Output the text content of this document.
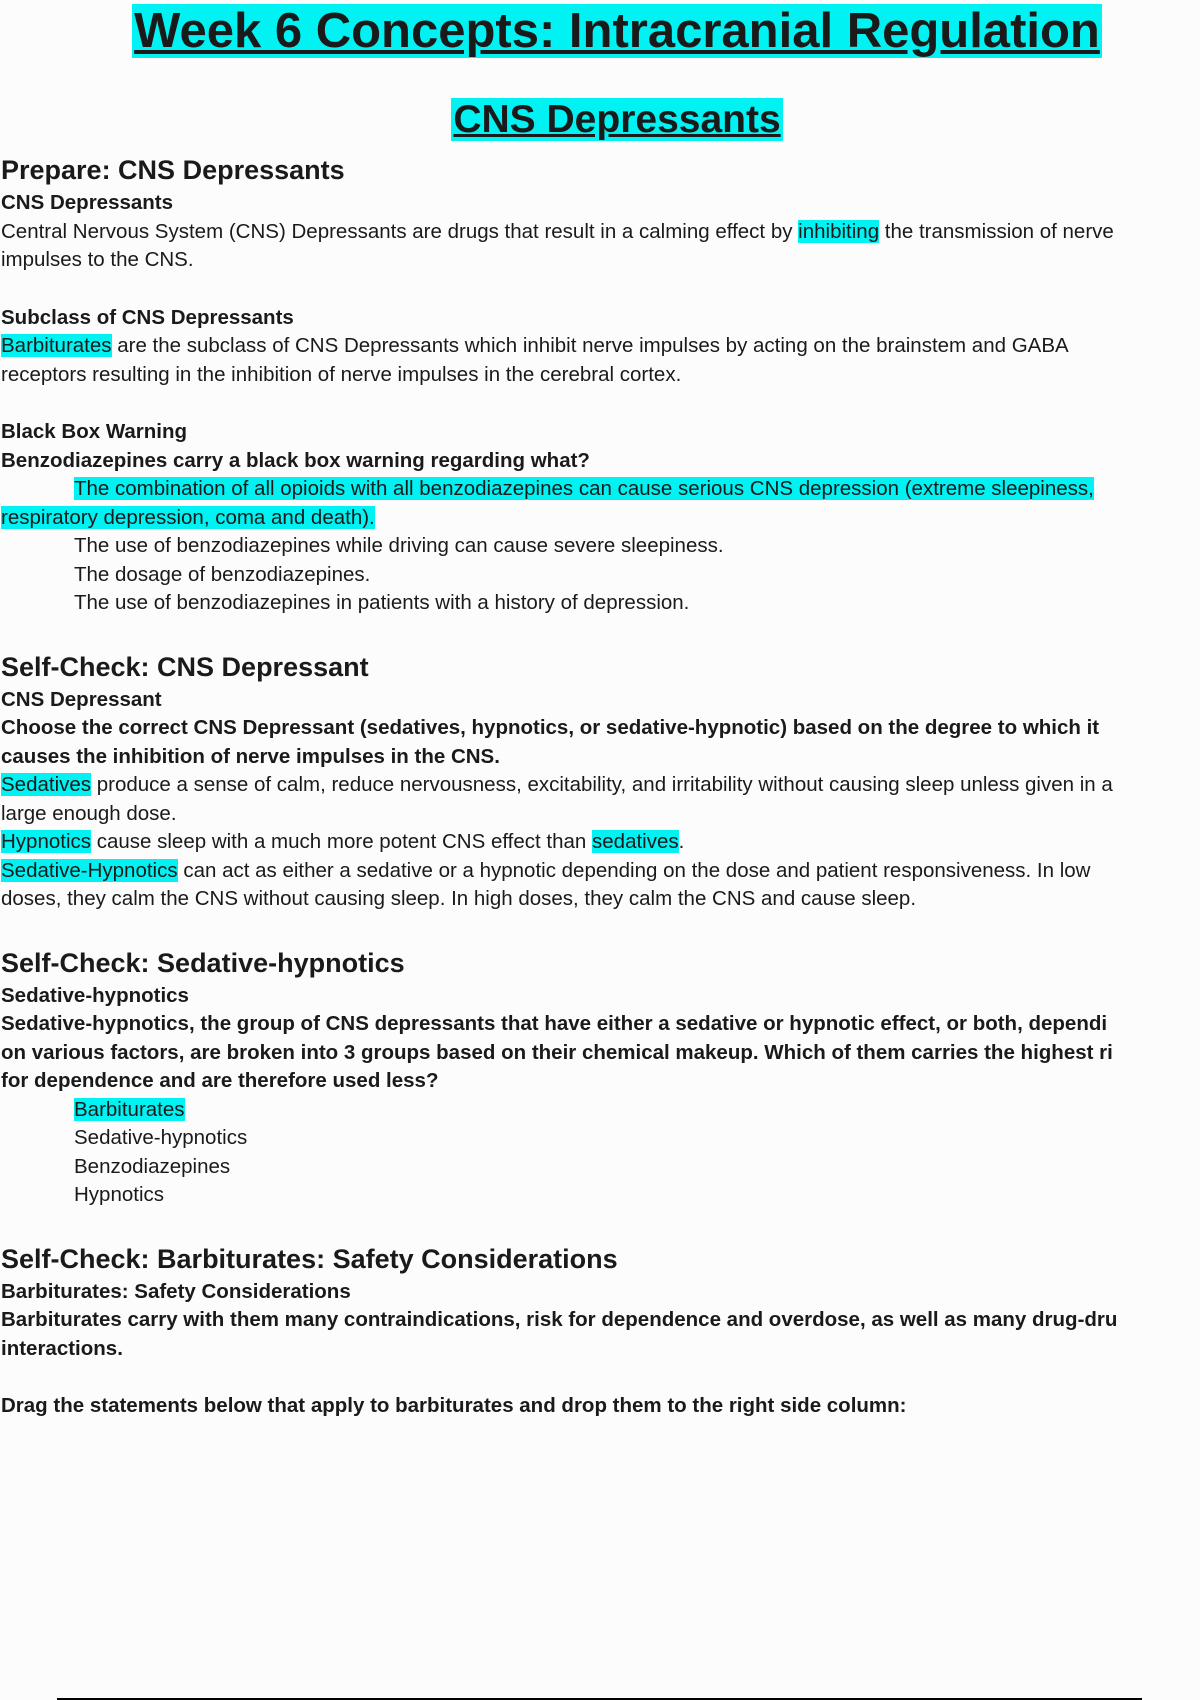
Week 6 Concepts: Intracranial Regulation
CNS Depressants

Prepare: CNS Depressants

CNS Depressants

Central Nervous System (CNS) Depressants are drugs that result in a calming effect by inhibiting the transmission of nerve

impulses to the CNS.

Subclass of CNS Depressants

Barbiturates are the subclass of CNS Depressants which inhibit nerve impulses by acting on the brainstem and GABA

receptors resulting in the inhibition of nerve impulses in the cerebral cortex.

Black Box Warning

Benzodiazepines carry a black box warning regarding what?

The combination of all opioids with all benzodiazepines can cause serious CNS depression (extreme sleepiness,

respiratory depression, coma and death).

The use of benzodiazepines while driving can cause severe sleepiness.

The dosage of benzodiazepines.

The use of benzodiazepines in patients with a history of depression.

Self-Check: CNS Depressant

CNS Depressant

Choose the correct CNS Depressant (sedatives, hypnotics, or sedative-hypnotic) based on the degree to which it

causes the inhibition of nerve impulses in the CNS.

Sedatives produce a sense of calm, reduce nervousness, excitability, and irritability without causing sleep unless given in a

large enough dose.

Hypnotics cause sleep with a much more potent CNS effect than sedatives.

Sedative-Hypnotics can act as either a sedative or a hypnotic depending on the dose and patient responsiveness. In low

doses, they calm the CNS without causing sleep. In high doses, they calm the CNS and cause sleep.

Self-Check: Sedative-hypnotics

Sedative-hypnotics

Sedative-hypnotics, the group of CNS depressants that have either a sedative or hypnotic effect, or both, dependi

on various factors, are broken into 3 groups based on their chemical makeup. Which of them carries the highest ri

for dependence and are therefore used less?

Barbiturates

Sedative-hypnotics

Benzodiazepines

Hypnotics

Self-Check: Barbiturates: Safety Considerations

Barbiturates: Safety Considerations

Barbiturates carry with them many contraindications, risk for dependence and overdose, as well as many drug-dru

interactions.

Drag the statements below that apply to barbiturates and drop them to the right side column:
